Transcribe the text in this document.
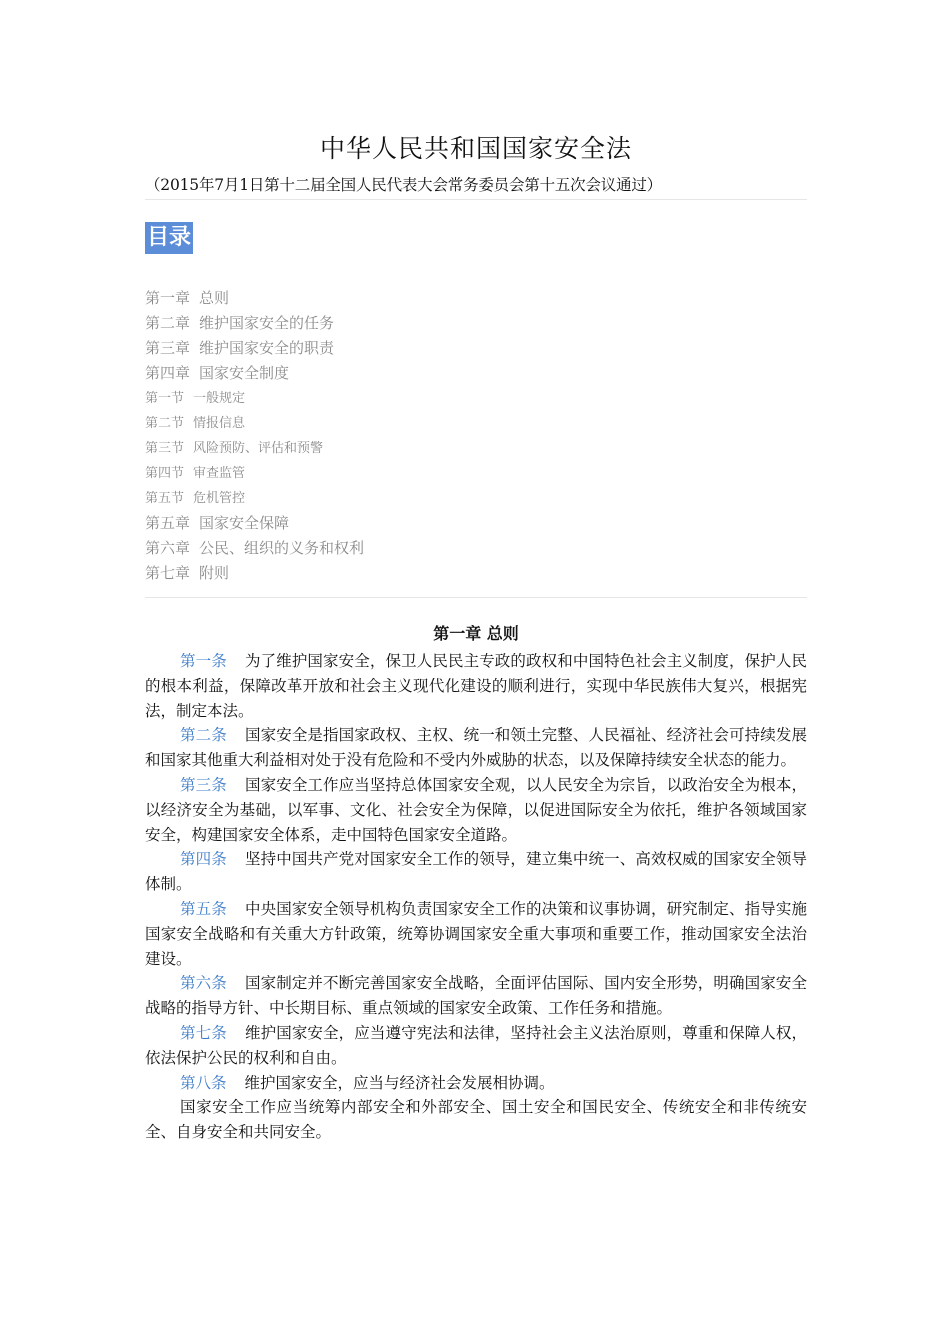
中华人民共和国国家安全法
（2015年7月1日第十二届全国人民代表大会常务委员会第十五次会议通过）
目录
第一章 总则
第二章 维护国家安全的任务
第三章 维护国家安全的职责
第四章 国家安全制度
第一节 一般规定
第二节 情报信息
第三节 风险预防、评估和预警
第四节 审查监管
第五节 危机管控
第五章 国家安全保障
第六章 公民、组织的义务和权利
第七章 附则
第一章 总则

第一条 为了维护国家安全，保卫人民民主专政的政权和中国特色社会主义制度，保护人民的根本利益，保障改革开放和社会主义现代化建设的顺利进行，实现中华民族伟大复兴，根据宪法，制定本法。

第二条 国家安全是指国家政权、主权、统一和领土完整、人民福祉、经济社会可持续发展和国家其他重大利益相对处于没有危险和不受内外威胁的状态，以及保障持续安全状态的能力。

第三条 国家安全工作应当坚持总体国家安全观，以人民安全为宗旨，以政治安全为根本，以经济安全为基础，以军事、文化、社会安全为保障，以促进国际安全为依托，维护各领域国家安全，构建国家安全体系，走中国特色国家安全道路。

第四条 坚持中国共产党对国家安全工作的领导，建立集中统一、高效权威的国家安全领导体制。

第五条 中央国家安全领导机构负责国家安全工作的决策和议事协调，研究制定、指导实施国家安全战略和有关重大方针政策，统筹协调国家安全重大事项和重要工作，推动国家安全法治建设。

第六条 国家制定并不断完善国家安全战略，全面评估国际、国内安全形势，明确国家安全战略的指导方针、中长期目标、重点领域的国家安全政策、工作任务和措施。

第七条 维护国家安全，应当遵守宪法和法律，坚持社会主义法治原则，尊重和保障人权，依法保护公民的权利和自由。

第八条 维护国家安全，应当与经济社会发展相协调。

国家安全工作应当统筹内部安全和外部安全、国土安全和国民安全、传统安全和非传统安全、自身安全和共同安全。
